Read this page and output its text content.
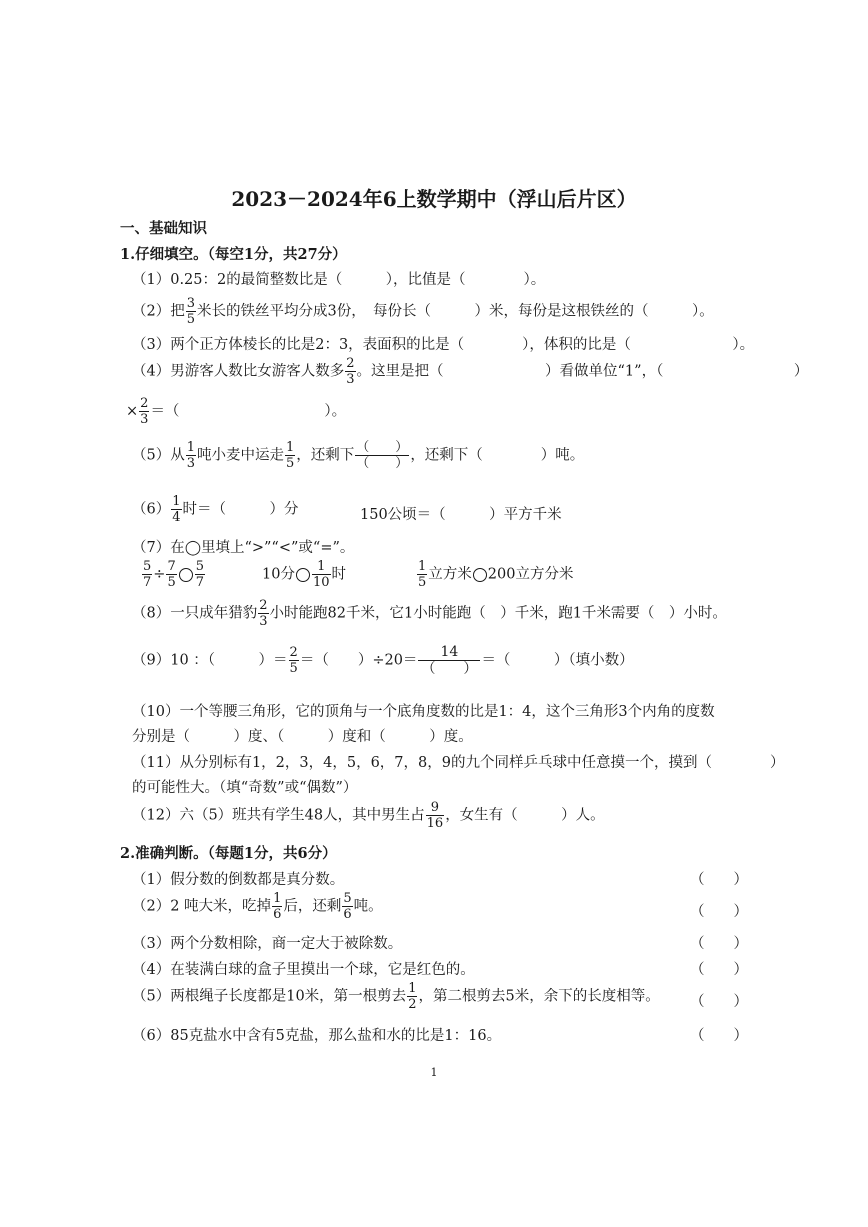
2023－2024年6上数学期中（浮山后片区）
一、基础知识
1.仔细填空。（每空1分，共27分）
（1）0.25：2的最简整数比是（　　　），比值是（　　　　）。
（2）把 $\frac{3}{5}$ 米长的铁丝平均分成3份，　每份长（　　　）米，每份是这根铁丝的（　　　）。
（3）两个正方体棱长的比是2：3，表面积的比是（　　　　），体积的比是（　　　　　　　）。
（4）男游客人数比女游客人数多 $\frac{2}{3}$ 。这里是把（　　　　　　　）看做单位“1”，（　　　　　　　　　）
× $\frac{2}{3}$ ＝（　　　　　　　　　　）。
（5）从 $\frac{1}{3}$ 吨小麦中运走 $\frac{1}{5}$ ，还剩下 $\frac{( )}{( )}$ ，还剩下（　　　　）吨。
$(6) \frac{1}{4}$ 时＝（　　　）分	150公顷＝（　　　）平方千米
（7）在◯里填上“>”“<”或“=”。
$\frac{5}{7} \div \frac{7}{5} \frac{5}{7}$	10分 $\frac{1}{10}$ 时	$\frac{1}{5}$ 立方米 200立方分米
（8）一只成年猎豹 $\frac{2}{3}$ 小时能跑82千米，它1小时能跑（　）千米，跑1千米需要（　）小时。
（9）10 ：（　　　）＝ $\frac{2}{5}$ ＝（　　）$\div 20= \frac{14}{( )}$ ＝（　　　）（填小数）
（10）一个等腰三角形，它的顶角与一个底角度数的比是1：4，这个三角形3个内角的度数
分别是（　　　）度、（　　　）度和（　　　）度。
（11）从分别标有1，2，3，4，5，6，7，8，9的九个同样乒乓球中任意摸一个，摸到（　　　　）
的可能性大。（填“奇数”或“偶数”）
（12）六（5）班共有学生48人，其中男生占 $\frac{9}{16}$ ，女生有（　　　）人。
2.准确判断。（每题1分，共6分）
（1）假分数的倒数都是真分数。	（　　）
（2）2 吨大米，吃掉 $\frac{1}{6}$ 后，还剩 $\frac{5}{6}$ 吨。	（　　）
（3）两个分数相除，商一定大于被除数。	（　　）
（4）在装满白球的盒子里摸出一个球，它是红色的。	（　　）
（5）两根绳子长度都是10米，第一根剪去 $\frac{1}{2}$ ，第二根剪去5米，余下的长度相等。 （　　）
（6）85克盐水中含有5克盐，那么盐和水的比是1：16。	（　　）
1
